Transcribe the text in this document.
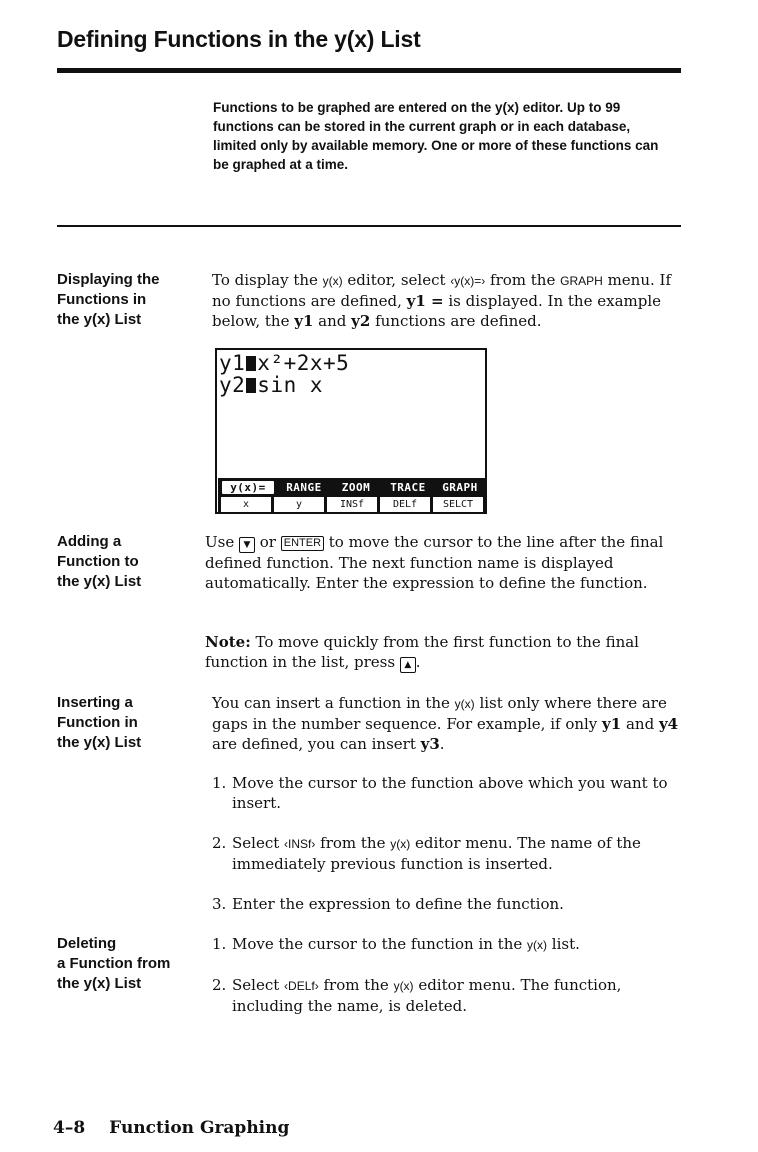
Defining Functions in the y(x) List
Functions to be graphed are entered on the y(x) editor. Up to 99 functions can be stored in the current graph or in each database, limited only by available memory. One or more of these functions can be graphed at a time.
Displaying the
Functions in
the y(x) List
To display the y(x) editor, select ‹y(x)=› from the GRAPH menu. If no functions are defined, y1 = is displayed. In the example below, the y1 and y2 functions are defined.
y1 x²+2x+5
y2 sin x
y(x)=	RANGE	ZOOM	TRACE	GRAPH
x	y	INSf	DELf	SELCT
Adding a
Function to
the y(x) List
Use ▼ or ENTER to move the cursor to the line after the final defined function. The next function name is displayed automatically. Enter the expression to define the function.
Note: To move quickly from the first function to the final function in the list, press ▲ .
Inserting a
Function in
the y(x) List
You can insert a function in the y(x) list only where there are gaps in the number sequence. For example, if only y1 and y4 are defined, you can insert y3.
1. Move the cursor to the function above which you want to insert.
2. Select ‹INSf› from the y(x) editor menu. The name of the immediately previous function is inserted.
3. Enter the expression to define the function.
Deleting
a Function from
the y(x) List
1. Move the cursor to the function in the y(x) list.
2. Select ‹DELf› from the y(x) editor menu. The function, including the name, is deleted.
4–8 Function Graphing
